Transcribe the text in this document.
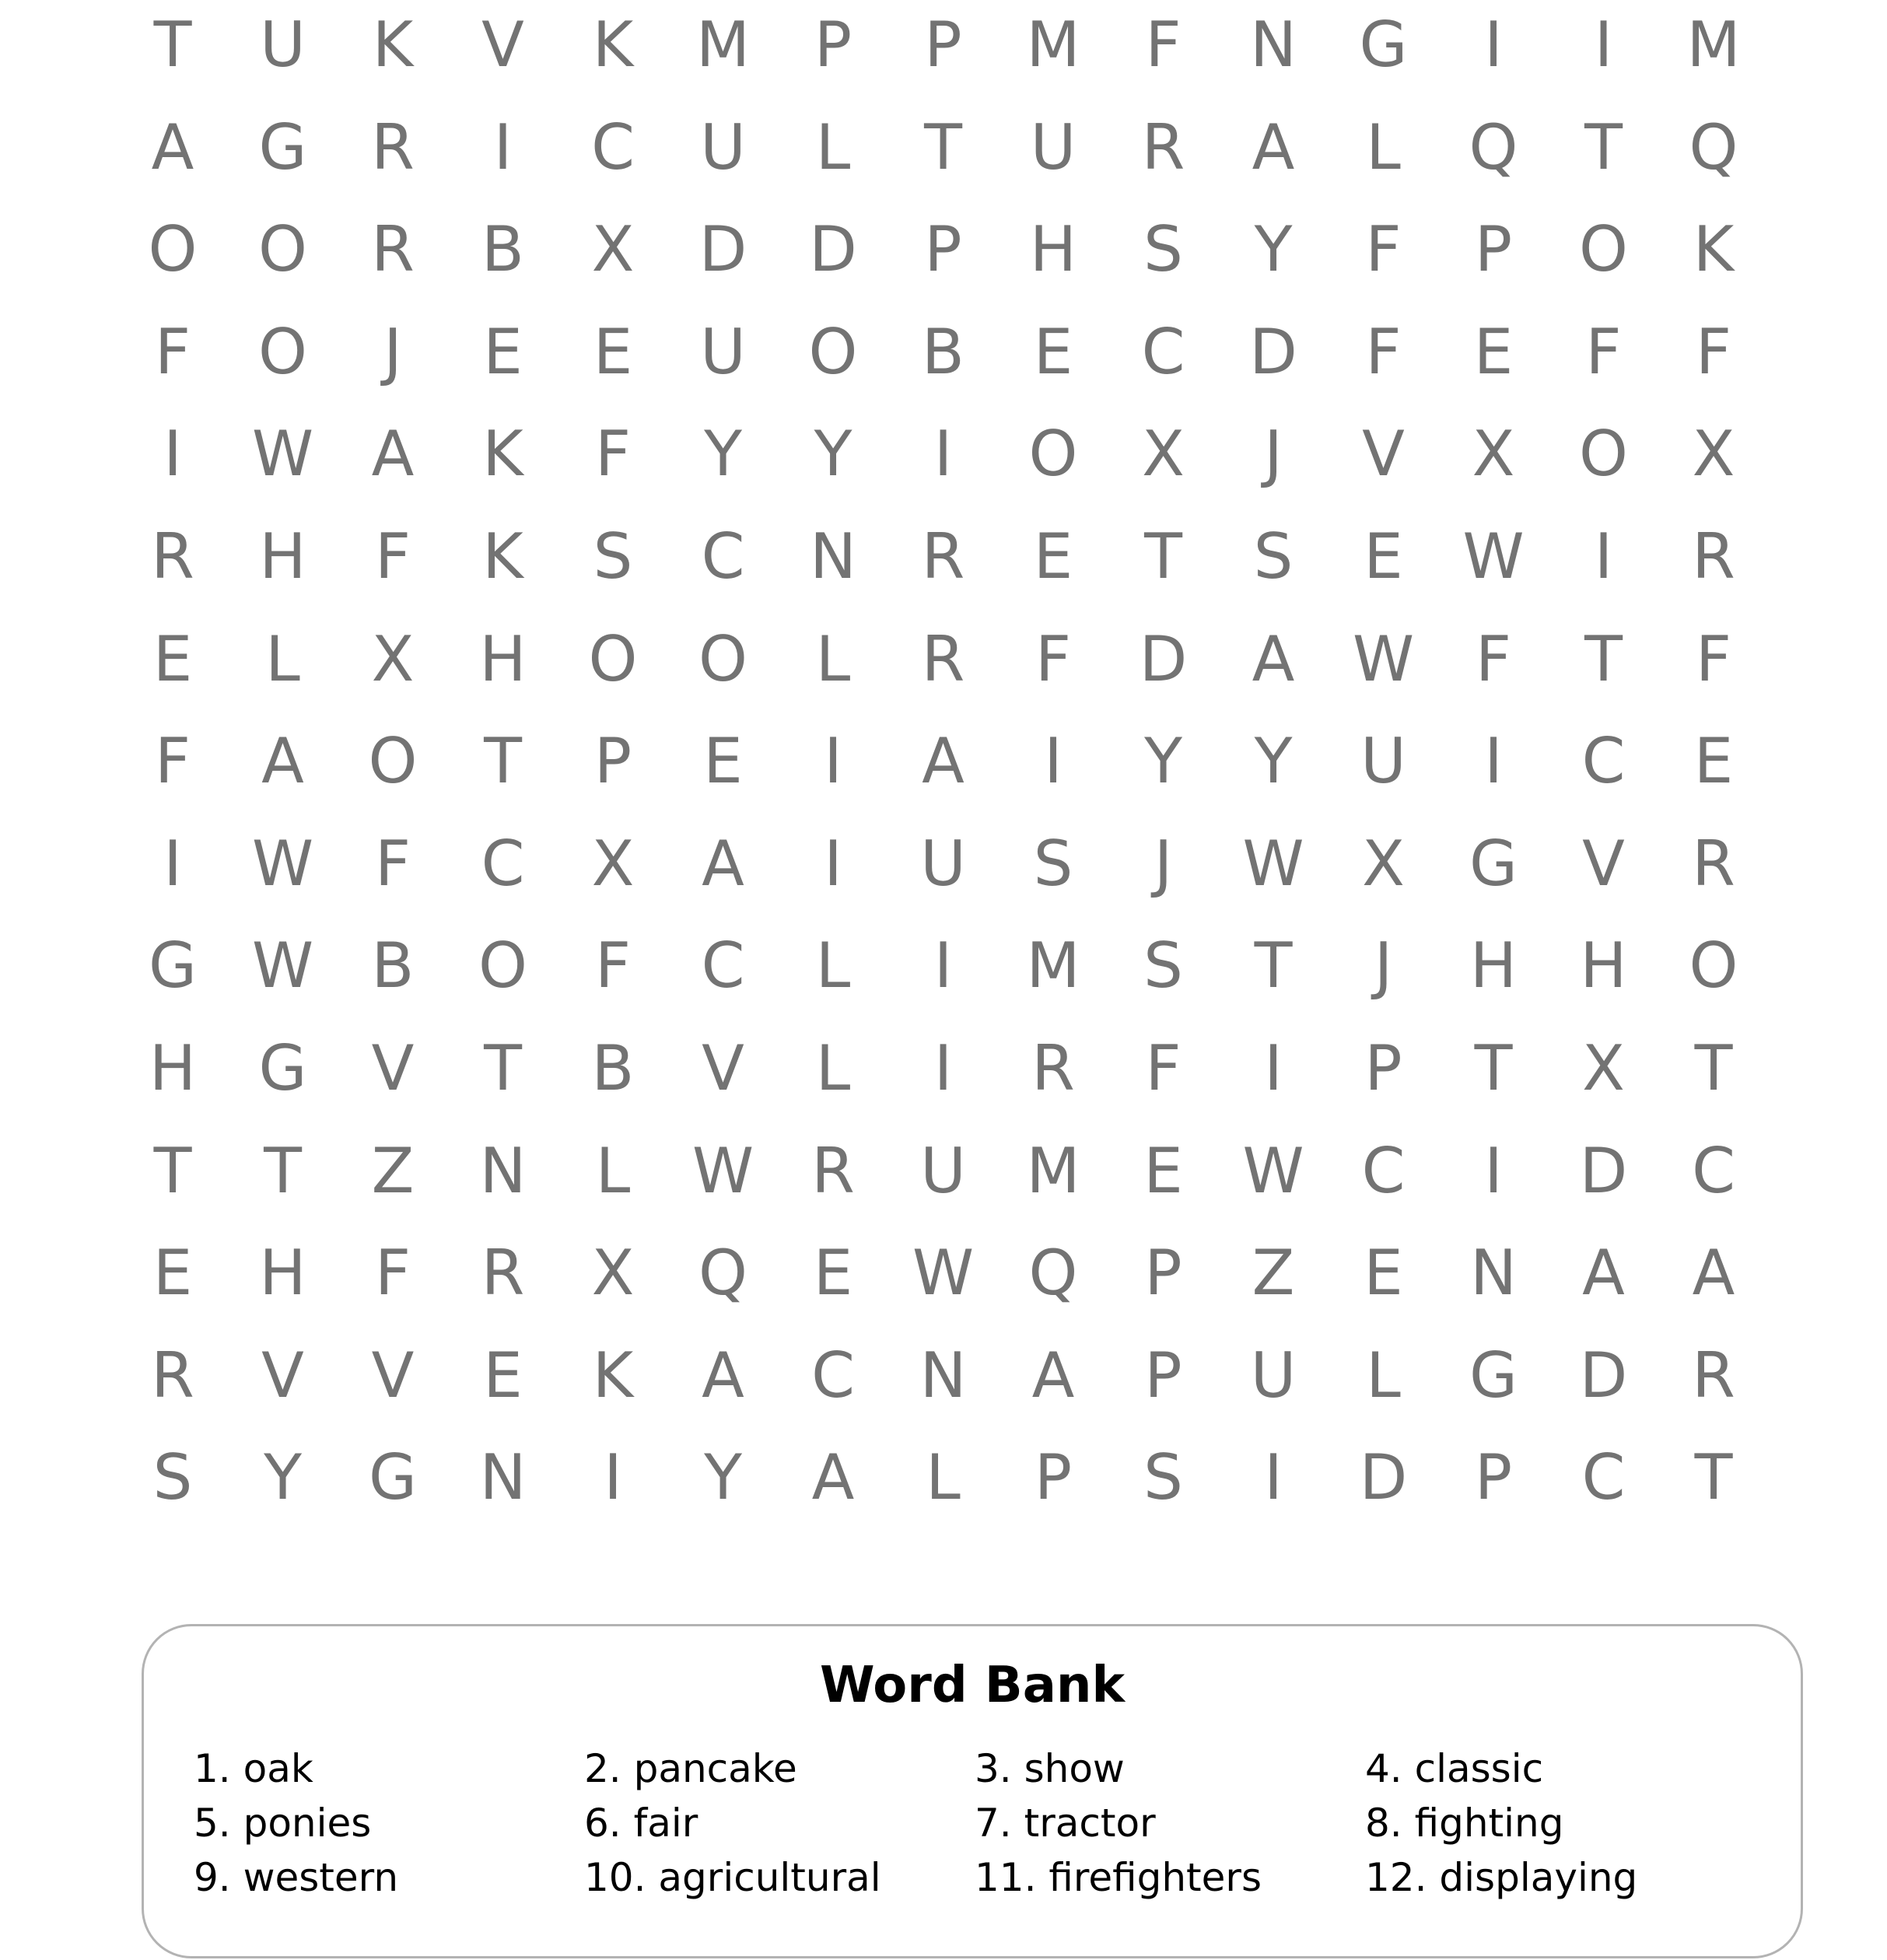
T	U K V K M	P	P	M	F	N G	I	I	M
A G R	I	C U	L	T	U R A	L	Q	T	Q
O O R B X D D	P	H	S	Y	F	P	O K
F	O	J	E	E	U O B	E	C D	F	E	F	F
I	W A K	F	Y	Y	I	O X	J	V X O X
R H	F	K	S	C N R	E	T	S	E W	I	R
E	L	X H O O	L	R	F	D A W F	T	F
F	A O	T	P	E	I	A	I	Y	Y	U	I	C	E
I	W F	C X A	I	U	S	J	W X G V R
G W B O	F	C	L	I	M	S	T	J	H H O
H G V	T	B V	L	I	R	F	I	P	T	X	T
T	T	Z N	L W R U M	E W C	I	D C
E	H	F	R X Q	E W Q	P	Z	E	N A A
R V V	E	K A C N A	P	U	L	G D R
S	Y	G N	I	Y	A	L	P	S	I	D	P	C	T
Word Bank
1. oak	2. pancake	3. show	4. classic
5. ponies	6. fair	7. tractor	8. fighting
9. western	10. agricultural	11. firefighters	12. displaying
